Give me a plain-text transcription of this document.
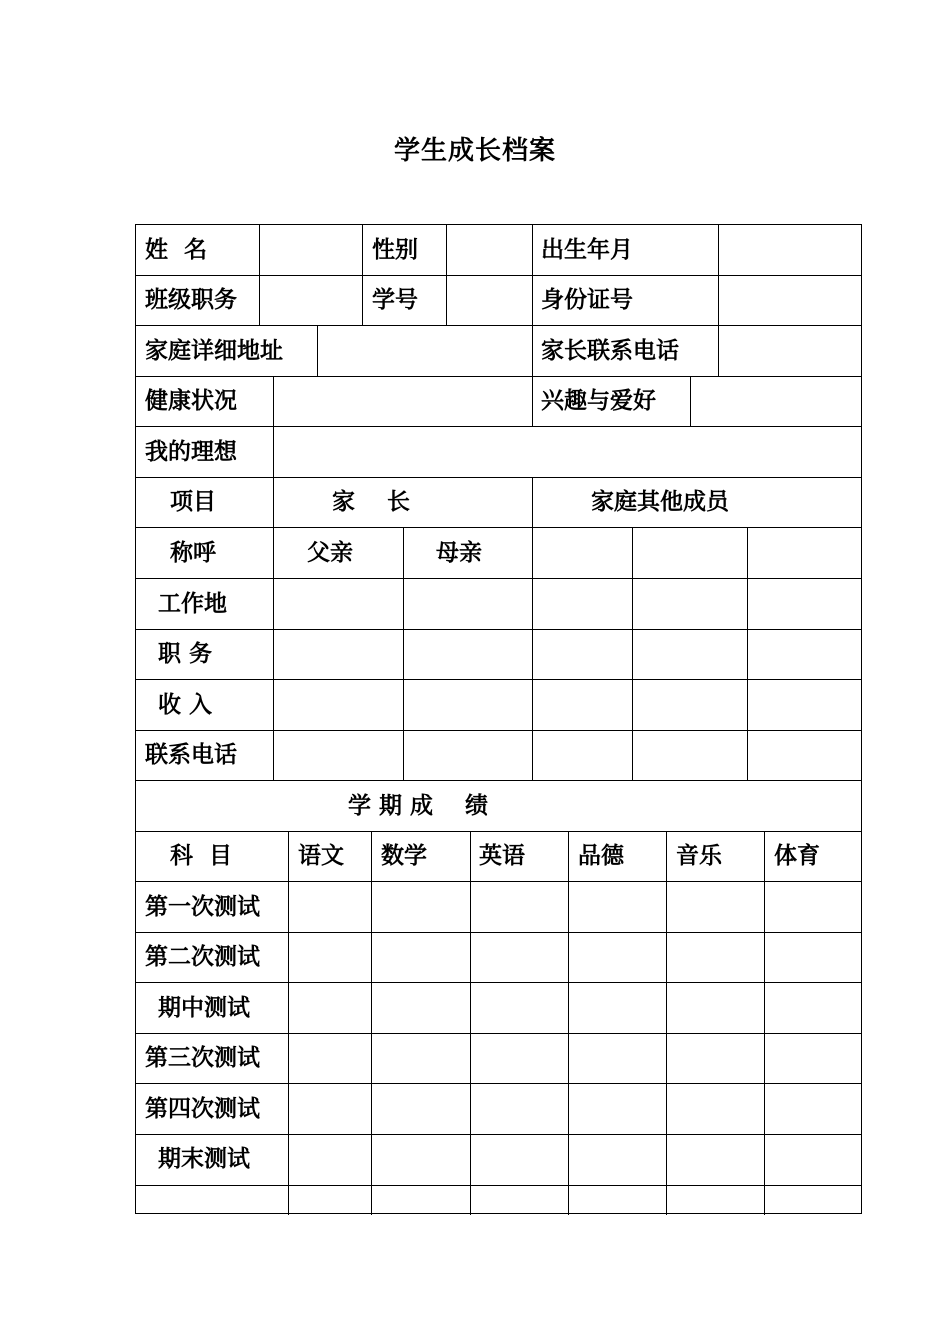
学生成长档案
姓  名	性别	出生年月
班级职务	学号	身份证号
家庭详细地址	家长联系电话
健康状况	兴趣与爱好
我的理想
项目	家    长	家庭其他成员
称呼	父亲	母亲
工作地
职 务
收 入
联系电话
学 期 成    绩
科  目	语文 数学 英语 品德 音乐 体育
第一次测试
第二次测试
期中测试
第三次测试
第四次测试
期末测试
